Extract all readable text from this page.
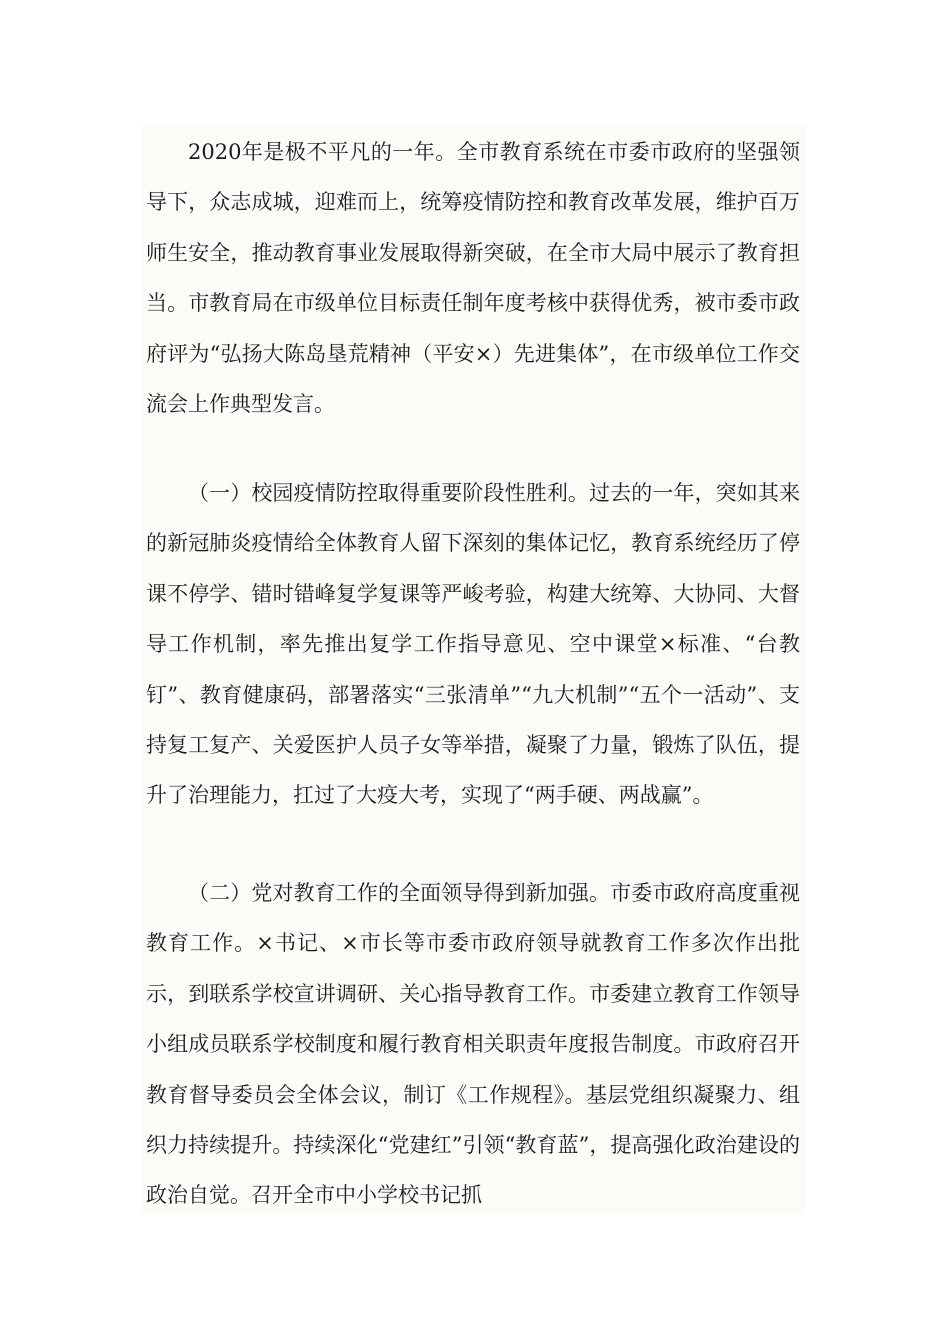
2020年是极不平凡的一年。全市教育系统在市委市政府的坚强领导下，众志成城，迎难而上，统筹疫情防控和教育改革发展，维护百万师生安全，推动教育事业发展取得新突破，在全市大局中展示了教育担当。市教育局在市级单位目标责任制年度考核中获得优秀，被市委市政府评为“弘扬大陈岛垦荒精神（平安×）先进集体”，在市级单位工作交流会上作典型发言。

（一）校园疫情防控取得重要阶段性胜利。过去的一年，突如其来的新冠肺炎疫情给全体教育人留下深刻的集体记忆，教育系统经历了停课不停学、错时错峰复学复课等严峻考验，构建大统筹、大协同、大督导工作机制，率先推出复学工作指导意见、空中课堂×标准、“台教钉”、教育健康码，部署落实“三张清单”“九大机制”“五个一活动”、支持复工复产、关爱医护人员子女等举措，凝聚了力量，锻炼了队伍，提升了治理能力，扛过了大疫大考，实现了“两手硬、两战赢”。

（二）党对教育工作的全面领导得到新加强。市委市政府高度重视教育工作。×书记、×市长等市委市政府领导就教育工作多次作出批示，到联系学校宣讲调研、关心指导教育工作。市委建立教育工作领导小组成员联系学校制度和履行教育相关职责年度报告制度。市政府召开教育督导委员会全体会议，制订《工作规程》。基层党组织凝聚力、组织力持续提升。持续深化“党建红”引领“教育蓝”，提高强化政治建设的政治自觉。召开全市中小学校书记抓
